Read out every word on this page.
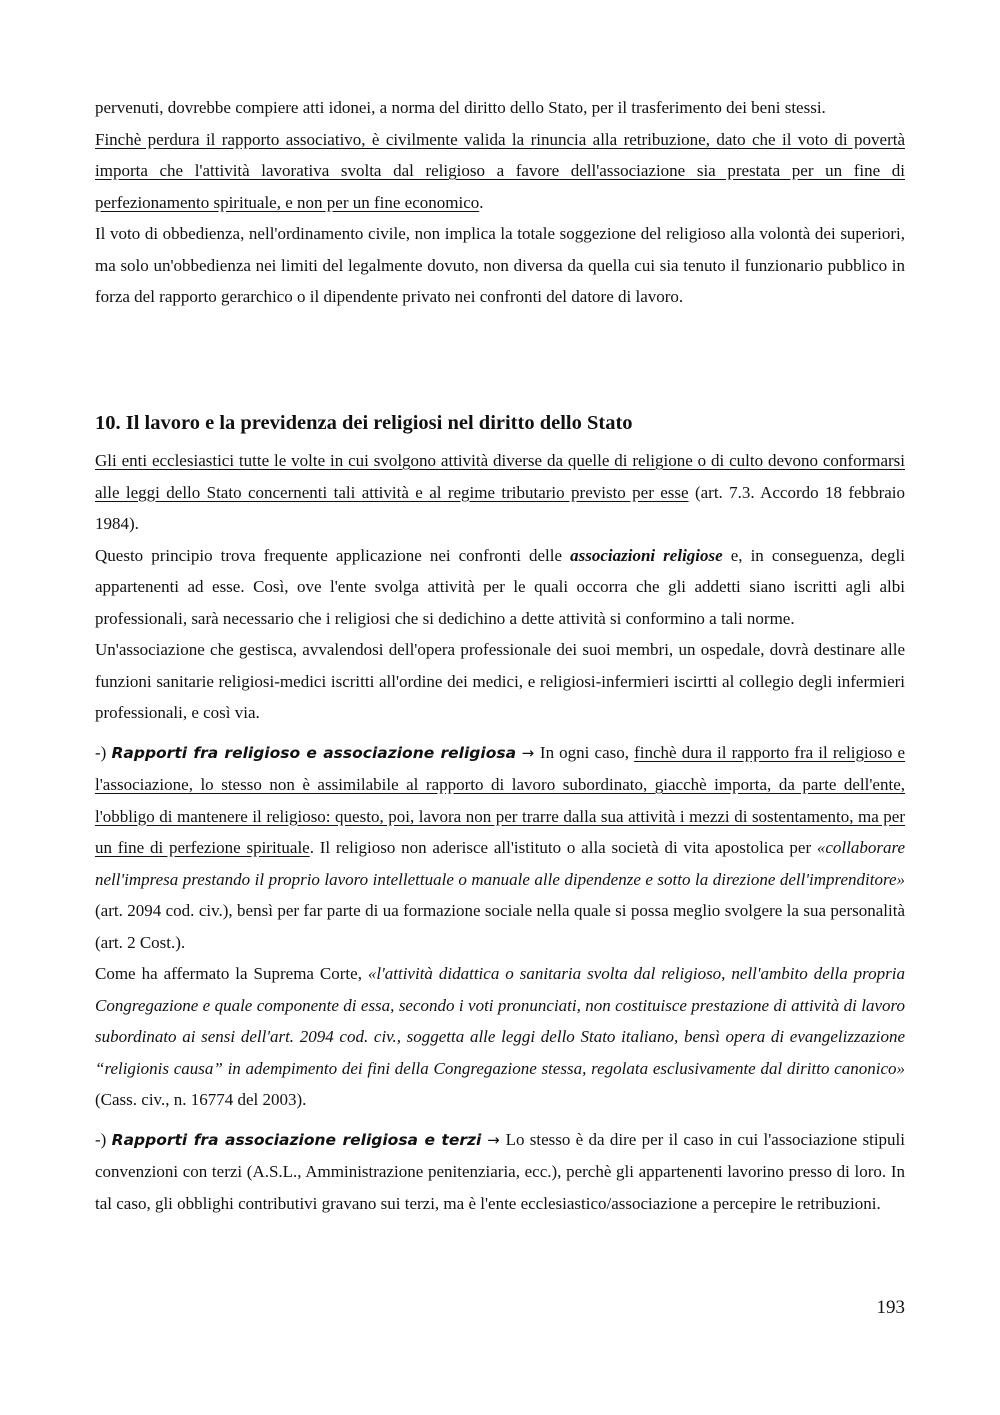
pervenuti, dovrebbe compiere atti idonei, a norma del diritto dello Stato, per il trasferimento dei beni stessi.

Finchè perdura il rapporto associativo, è civilmente valida la rinuncia alla retribuzione, dato che il voto di povertà importa che l'attività lavorativa svolta dal religioso a favore dell'associazione sia prestata per un fine di perfezionamento spirituale, e non per un fine economico.

Il voto di obbedienza, nell'ordinamento civile, non implica la totale soggezione del religioso alla volontà dei superiori, ma solo un'obbedienza nei limiti del legalmente dovuto, non diversa da quella cui sia tenuto il funzionario pubblico in forza del rapporto gerarchico o il dipendente privato nei confronti del datore di lavoro.

10. Il lavoro e la previdenza dei religiosi nel diritto dello Stato

Gli enti ecclesiastici tutte le volte in cui svolgono attività diverse da quelle di religione o di culto devono conformarsi alle leggi dello Stato concernenti tali attività e al regime tributario previsto per esse (art. 7.3. Accordo 18 febbraio 1984).

Questo principio trova frequente applicazione nei confronti delle associazioni religiose e, in conseguenza, degli appartenenti ad esse. Così, ove l'ente svolga attività per le quali occorra che gli addetti siano iscritti agli albi professionali, sarà necessario che i religiosi che si dedichino a dette attività si conformino a tali norme.

Un'associazione che gestisca, avvalendosi dell'opera professionale dei suoi membri, un ospedale, dovrà destinare alle funzioni sanitarie religiosi-medici iscritti all'ordine dei medici, e religiosi-infermieri iscirtti al collegio degli infermieri professionali, e così via.

-) Rapporti fra religioso e associazione religiosa → In ogni caso, finchè dura il rapporto fra il religioso e l'associazione, lo stesso non è assimilabile al rapporto di lavoro subordinato, giacchè importa, da parte dell'ente, l'obbligo di mantenere il religioso: questo, poi, lavora non per trarre dalla sua attività i mezzi di sostentamento, ma per un fine di perfezione spirituale. Il religioso non aderisce all'istituto o alla società di vita apostolica per «collaborare nell'impresa prestando il proprio lavoro intellettuale o manuale alle dipendenze e sotto la direzione dell'imprenditore» (art. 2094 cod. civ.), bensì per far parte di ua formazione sociale nella quale si possa meglio svolgere la sua personalità (art. 2 Cost.).

Come ha affermato la Suprema Corte, «l'attività didattica o sanitaria svolta dal religioso, nell'ambito della propria Congregazione e quale componente di essa, secondo i voti pronunciati, non costituisce prestazione di attività di lavoro subordinato ai sensi dell'art. 2094 cod. civ., soggetta alle leggi dello Stato italiano, bensì opera di evangelizzazione “religionis causa” in adempimento dei fini della Congregazione stessa, regolata esclusivamente dal diritto canonico» (Cass. civ., n. 16774 del 2003).

-) Rapporti fra associazione religiosa e terzi → Lo stesso è da dire per il caso in cui l'associazione stipuli convenzioni con terzi (A.S.L., Amministrazione penitenziaria, ecc.), perchè gli appartenenti lavorino presso di loro. In tal caso, gli obblighi contributivi gravano sui terzi, ma è l'ente ecclesiastico/associazione a percepire le retribuzioni.

193
